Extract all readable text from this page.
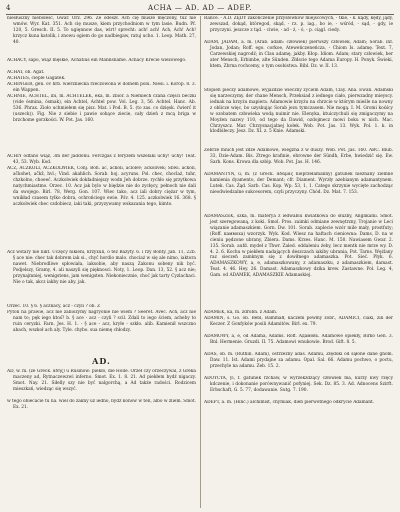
4	ACHA — AD. AD — ADEP.

niesłuszny niebolesc, Gwar. Orz. 296. Że odeszł. Ach cię musze męczony, tuż nie wmów. Wyr. Kat. 351. Ach cię musze, kiem przychodniom w tym lasie. Budn. Pf. 120, 5. Gresch. II. 5. To ugięnnow das, wirt! sprecht: ach! ach! Ach, Ach! Ach! krzycz kuna katolik, i znowu ogiem do go nadbiegaw, ratuj ucho. 1. Leop. Math. 27, 40.

ACHACY, sapo, wiąz męskie, Achatius ein Mannsname. Achacy Krecie wiezowego.

ACHAT, ob. Agat.

ACHATES, cieple Gagatek.

ACHINGER, gen. ov hrb. wierzniecka rzeczowona w dolnem polu. Niesi. i. Korop. 8. 3. ein Wappen.

ACHNIE, ACHTEL, ibi, m. ACHTELEK, eka, m. zbior. a Niemiech czana części beczki (vide ósmina, ósmak), ein Achtel, Achtel pow. Vol. Leg. 3, 56. Achtel. Hanc. Ab. 536. Phrax. Zioło uchmiełem się pisz. Mat. i Pod. B. 5. (to zas. co dzięsk. ćwierć it (uszeck)). Fig. Nie z siebie i pawie sobące ziecie, cały dzień z mcą briga w brzchome gorzkości. W. Pot. Jas. 160.

ACHIY odfano wiąż, 3m der Jaddonu. Ferczgas z feryzem wszelaki uchy! uchy! Teat. 43, 53. Wyb. Kod.

ACZ, ACZKOLI, ACZKOLWIEK, Conj. Boh. aċ, ačkoli, ačlolev; ačkolivěk; Sbwi. ačkoli, ačkohet, ačkž, hvl.; Vind. akahlich. Sorab. hoj. acyruns. Pol. chec, choclaż, tuhr, chzkolno, choeeć. Aczkolwiek dokładniejszy wodn Jeh dobrze. rychło się przytkowa natychmiastmo. Orzec. 10. Acz jak bylo w biędzie nie do zycłęcy, pełnoch nie dali da swojego. Birl. 78, Werg. Gon. 107. Wiec tako, acz iali dobry ciężar w tym, wnikład czasem tylko dobra, ochrońciego ewie. Pśv. 4. 125. aczkolwiek 16. 368. § aczkolwiek chec czdobiecz, iaki taki, przyzywamy wskazania tego, kimto.

Acz wstary nie nikt. Uczęcy nikieni, krzyxuli, o też Bazyty. 6. i rzy Bonty. Jab. 11, 22b. § ace nie: chec tak dobrem iak si., chyć hordio malo. chociaż w się ale nimo, iaktora nawet. Niebrodliwe spłowiała, iaksobie, aby naszą Zakonu sobeny nik być. Podjelszy, Gramy, 4. ali naszyli się pięknosci. Noty, 1. Leop. Dan. 13, 52. § acz nie; przynajmniej, wenigstens, jam wenigsten. Niekoniecznie, choć jak tarty Cyzlachaci. Nie o tak, akcz iakby nie aby. jak.

Orzec. 10. § 6. § acznacy, acz - czyli ? ob. Z

Pyton na prawie, acz nie zabiożymy nagryonie nie wiem ? Seeret. Avec. Ach, acz nie nam to; pęk iego ktoś? b. § ace - acz - czyli ? scil. Zdali to iego ściem, acheby to ruin ceryzki. Farn. Jes. H. 1. - § ace - acz, kryłe - szkło. alib. Kamienił wszczno abach, wszkoł ach aly. Tyle. chybo. sua niemę chłodzy.

AD.

AD, w. m. (ze Greck. ἄδης) u Rusinów: piekło, die Hölle. Orzeł czy orzeczywal, z Greka maczeny ad, Rytnaczewzwi inferno. Smot. Ex. 1. 8. 21. Ad piekłem bydź nigaczy. Smot. Nay. 21. Siłelly szy nie być nalgorchą, a Ad także radości. Rodzicem mieszkań, wiedząc się wszyć.

w tego obiecacie tu na. wiel do zakny uż iedno, bydź konow w ten, albo w zliem. Smot. Ex. 21.

Rance. - A.D. ŻĘDY zakończenie przysłówków miejscowych, - tkie, - k. kądy, kędy, jądy, zewszad, dokąd, któregod, skąd, - rz. p. iag., bo ie, - wśród, - sąd, - gdy, ie przyczyni. jeszcze z tąd. - ciwie, - ad - ż, - ó, - p. ciągl. ciedy.

ADAM, JADAM, a. m. (Arab. adam: człowiek) pierwszy człowiek, Adam; Sorab. inf. Jodan, Jodan; Roff. ego. corkoe, Ateweńczeneńcza, - Chiom Is. adamę. Text. 7, Carzewskiej nagrodź; in Clau adamę, jakby. Kłop. Idiom. Adam; stary człowiek, ber ater Mensch, Erbimbe, alte Sünden. Złdscie tego Adama Europy. H. Ponyk. Świeki, ktem, Zbrna rochcemy, o tym osobistwa. Bibl. Dz. w. II. 13.

Stopień pieczy adamowe, wyjazdzie wieczny życiem Adam, Clay. Ana. Ewan. Adamski się narzeczymy. der chane Mensch, Przeksiad z iednego ciało, pierwzadny mieyscy. iednak na krzyżu mapiera. Adamowie krzyżu na chrzcie w którym mieśle na nowny z oblicze więc, bo uzyskując Sorab jezu tymczasem. Nie mogą. I. M. Gromi kośścy w ozobatem człowieka wodą nuimir nie. Elenyka, ktuiczychuli się zmigaczymy na Moyźen nazwy 110, od tego da Dawid, ozdojmecz mowi boku w nich. Mac. Chrzyszcz. Mar. Chrzysnacjalnej kołek. Wob. Pot. Jas. 13. Wyk. Pol. 1. k. in klodbiłeczy. Jesz. Dz. XI. z. 5 Knie. Adamski.

Zebrze mnich jest żdźe Adamowe, wiegzna z w duszy. Wob. Pot. Jas. 160. ABC. Blub. 33, Dzie-Adam. Bis. Ztrego krafinie, ehrowne der Sündh, Erbe, hwiedzić się. Ew. Sarb. Kons. Krowa dla szłóp. Wob. Pot. Jas. H. 146.

ADAMANTYN, u, m. (z Greck. ἀδάμας nieprzełamanny) gatunek nieznany ziemne kamienia dyamento, der Demant; cfr. Diament. Wyrzły azebianym adamantynem. Lutek. Cas. Żąd. Sarb. Cas. Kop. Wp. 53, 1, 1. Catego skrzynie wycięte zachodząc nieodwiedzalne sukcesorem, czyli przyczyny. Chód. Dz. Mat. 7. 153.

ADAMASZEK, szka, m. materya z iedwabiu kwiatkowa do służby, Anglikami. Smot. jest szeregowaną, z koki. Smol. Pros. zaimki odmiane zewnętrzny, Trojanie w Leci wiązanie adamaszkiem. Gorn. Dw. 101. Sorab. zaplecie wzór mile mały, prostfuty; (Roff. каммоха) wzorzyk. Wyk. Kod. Wiesz na haftach cieniowna: Dams, D. na w cieniu pędzone ubrany, Zbiera. Dams. Krzes. Hanc. M. 150. Nawiasem Gwar. 2. 135. Sorab. aufd. mydeł z Thwr. Zaled. oddaleniu żeby, lecz mentk nie mrze wy. D. 4. 2. 6. Kochu w piekłem nadających deszczach iakiby ubrania, Pot. Tarns. Wężlany raz sieczeń zamknym się z dowiłnego adamaszka. Pot. Sieć. Płyk. 6. ADAMASZKOWY, a, e, adamaszkowany, z adamaszku, z adamaszkiem, damast. Teat. 4. 46. Hey. 26. Damast. Adamaszkowy dzika krew. Zastawne. Pol. Leg. 4, Gam. od ADAMEK, ADAMASZKIE Adamaskiej.

ADAMEK, ka, m. zdrobn. z Adam.

ADAMIŃ, s. Go. ob. Bebl, Bammałł, kaczem pewmy zobr., ADAMICI, ciaki, zin der Keczer. Z Gonfyków posili Adamitów. Birl. ex. 79.

ADAMOWY, a, e, od Adama, Adams. Roff. Адамовъ. Adamowe opiekły, Birko Gen. 3. Bnl. Hermenie. Gruzdi. II. 75. Adamowi wnukowie. Brod. Gift. 8. 5.

ADAS, ob. m. (Ruthin. Adam), ostrzeżny adas. Adamu, Złędoki od sąłone dane gnom. Daw. 11. Ist. Adami prydajne za adamu. Opal. Sal. 66. Adamu pochwo, o poctu, przechyle na adamu. Zeb. 15. 2.

ADOYCYA, yi, f. gatunek rzchaw, w wyrzekzdzący człowiek ma, kurzy kwy rzęcy kdczenie, i dokonanie porównywanić pofyniej. Sek. Dz. 85. 3. Ad. Adnocens Szirft. Erbschaft, G. 5. 77, dodawanie. Sutg. 7. 190.

ADEPT, a. m. (Hinc.) alchimist, chymiak, dieb pierwotnego odkrycie Adamant.
